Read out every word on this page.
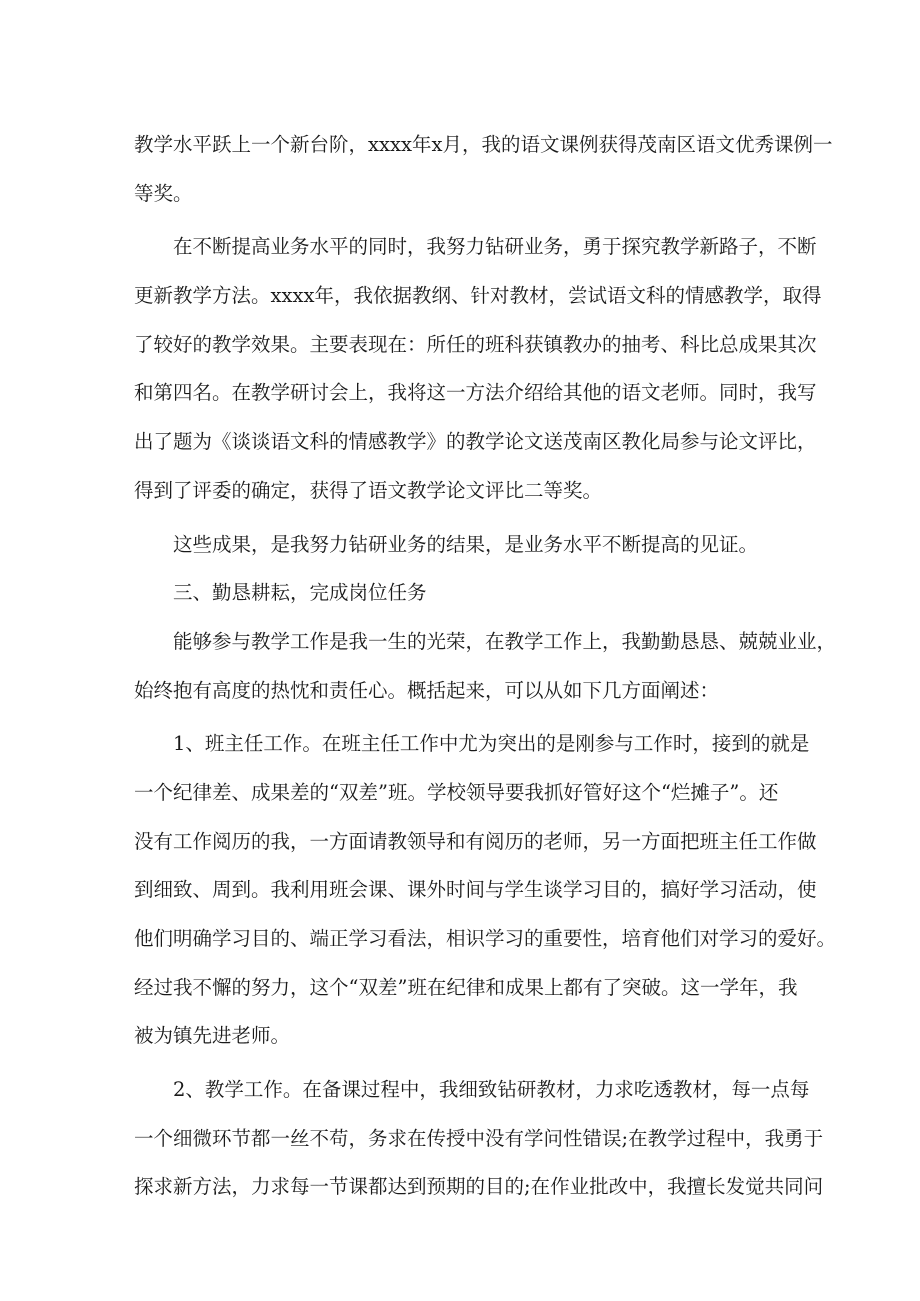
教学水平跃上一个新台阶，xxxx年x月，我的语文课例获得茂南区语文优秀课例一
等奖。
在不断提高业务水平的同时，我努力钻研业务，勇于探究教学新路子，不断
更新教学方法。xxxx年，我依据教纲、针对教材，尝试语文科的情感教学，取得
了较好的教学效果。主要表现在：所任的班科获镇教办的抽考、科比总成果其次
和第四名。在教学研讨会上，我将这一方法介绍给其他的语文老师。同时，我写
出了题为《谈谈语文科的情感教学》的教学论文送茂南区教化局参与论文评比，
得到了评委的确定，获得了语文教学论文评比二等奖。
这些成果，是我努力钻研业务的结果，是业务水平不断提高的见证。
三、勤恳耕耘，完成岗位任务
能够参与教学工作是我一生的光荣，在教学工作上，我勤勤恳恳、兢兢业业，
始终抱有高度的热忱和责任心。概括起来，可以从如下几方面阐述：
1、班主任工作。在班主任工作中尤为突出的是刚参与工作时，接到的就是
一个纪律差、成果差的“双差”班。学校领导要我抓好管好这个“烂摊子”。还
没有工作阅历的我，一方面请教领导和有阅历的老师，另一方面把班主任工作做
到细致、周到。我利用班会课、课外时间与学生谈学习目的，搞好学习活动，使
他们明确学习目的、端正学习看法，相识学习的重要性，培育他们对学习的爱好。
经过我不懈的努力，这个“双差”班在纪律和成果上都有了突破。这一学年，我
被为镇先进老师。
2、教学工作。在备课过程中，我细致钻研教材，力求吃透教材，每一点每
一个细微环节都一丝不苟，务求在传授中没有学问性错误;在教学过程中，我勇于
探求新方法，力求每一节课都达到预期的目的;在作业批改中，我擅长发觉共同问
